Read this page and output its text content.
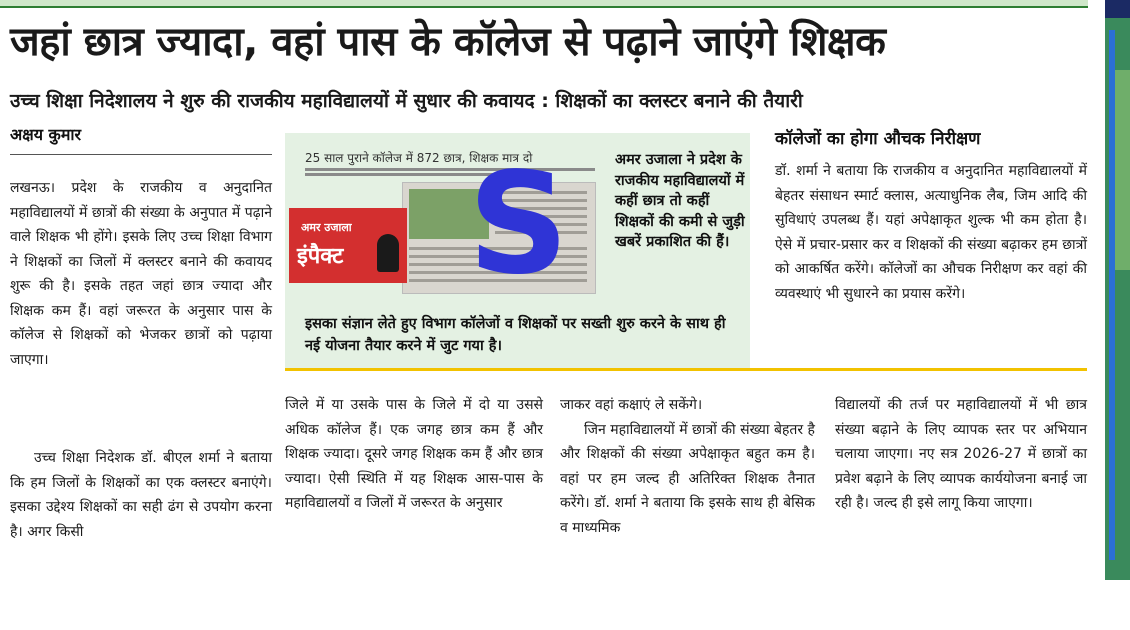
जहां छात्र ज्यादा, वहां पास के कॉलेज से पढ़ाने जाएंगे शिक्षक
उच्च शिक्षा निदेशालय ने शुरु की राजकीय महाविद्यालयों में सुधार की कवायद : शिक्षकों का क्लस्टर बनाने की तैयारी
अक्षय कुमार

लखनऊ। प्रदेश के राजकीय व अनुदानित महाविद्यालयों में छात्रों की संख्या के अनुपात में पढ़ाने वाले शिक्षक भी होंगे। इसके लिए उच्च शिक्षा विभाग ने शिक्षकों का जिलों में क्लस्टर बनाने की कवायद शुरू की है। इसके तहत जहां छात्र ज्यादा और शिक्षक कम हैं। वहां जरूरत के अनुसार पास के कॉलेज से शिक्षकों को भेजकर छात्रों को पढ़ाया जाएगा।

उच्च शिक्षा निदेशक डॉ. बीएल शर्मा ने बताया कि हम जिलों के शिक्षकों का एक क्लस्टर बनाएंगे। इसका उद्देश्य शिक्षकों का सही ढंग से उपयोग करना है। अगर किसी

25 साल पुराने कॉलेज में 872 छात्र, शिक्षक मात्र दो
अमर उजाला
इंपैक्ट S	अमर उजाला ने प्रदेश के राजकीय महाविद्यालयों में कहीं छात्र तो कहीं शिक्षकों की कमी से जुड़ी खबरें प्रकाशित की हैं।
इसका संज्ञान लेते हुए विभाग कॉलेजों व शिक्षकों पर सख्ती शुरु करने के साथ ही नई योजना तैयार करने में जुट गया है।
कॉलेजों का होगा औचक निरीक्षण

डॉ. शर्मा ने बताया कि राजकीय व अनुदानित महाविद्यालयों में बेहतर संसाधन स्मार्ट क्लास, अत्याधुनिक लैब, जिम आदि की सुविधाएं उपलब्ध हैं। यहां अपेक्षाकृत शुल्क भी कम होता है। ऐसे में प्रचार-प्रसार कर व शिक्षकों की संख्या बढ़ाकर हम छात्रों को आकर्षित करेंगे। कॉलेजों का औचक निरीक्षण कर वहां की व्यवस्थाएं भी सुधारने का प्रयास करेंगे।

जिले में या उसके पास के जिले में दो या उससे अधिक कॉलेज हैं। एक जगह छात्र कम हैं और शिक्षक ज्यादा। दूसरे जगह शिक्षक कम हैं और छात्र ज्यादा। ऐसी स्थिति में यह शिक्षक आस-पास के महाविद्यालयों व जिलों में जरूरत के अनुसार

जाकर वहां कक्षाएं ले सकेंगे।

जिन महाविद्यालयों में छात्रों की संख्या बेहतर है और शिक्षकों की संख्या अपेक्षाकृत बहुत कम है। वहां पर हम जल्द ही अतिरिक्त शिक्षक तैनात करेंगे। डॉ. शर्मा ने बताया कि इसके साथ ही बेसिक व माध्यमिक

विद्यालयों की तर्ज पर महाविद्यालयों में भी छात्र संख्या बढ़ाने के लिए व्यापक स्तर पर अभियान चलाया जाएगा। नए सत्र 2026-27 में छात्रों का प्रवेश बढ़ाने के लिए व्यापक कार्ययोजना बनाई जा रही है। जल्द ही इसे लागू किया जाएगा।
